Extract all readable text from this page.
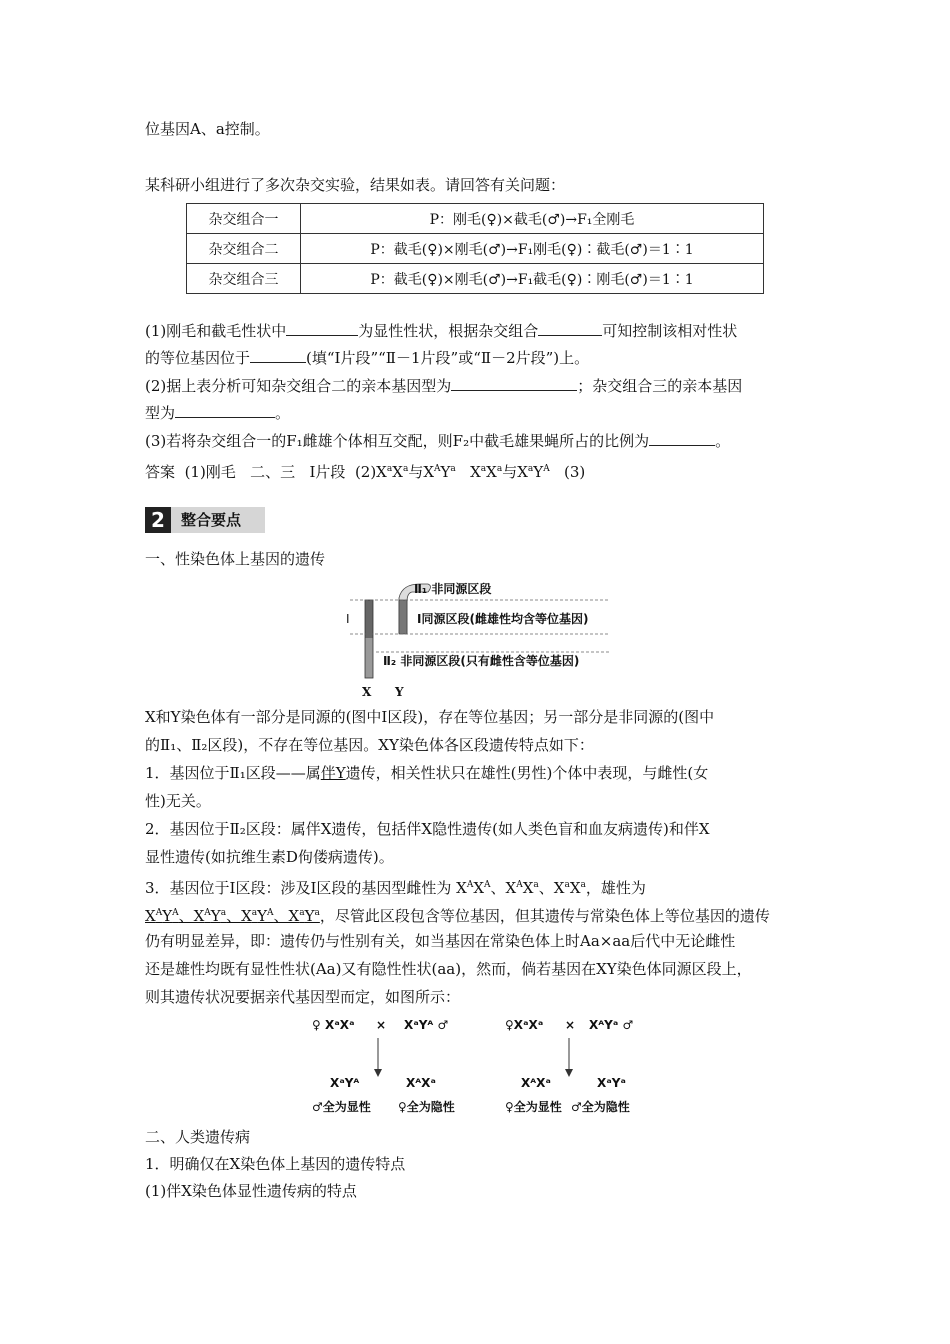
位基因A、a控制。
某科研小组进行了多次杂交实验，结果如表。请回答有关问题：
杂交组合一	P：刚毛(♀)×截毛(♂)→F₁全刚毛
杂交组合二	P：截毛(♀)×刚毛(♂)→F₁刚毛(♀)∶截毛(♂)＝1∶1
杂交组合三	P：截毛(♀)×刚毛(♂)→F₁截毛(♀)∶刚毛(♂)＝1∶1
(1)刚毛和截毛性状中	为显性性状，根据杂交组合	可知控制该相对性状
的等位基因位于	(填“Ⅰ片段”“Ⅱ－1片段”或“Ⅱ－2片段”)上。
(2)据上表分析可知杂交组合二的亲本基因型为	；杂交组合三的亲本基因
型为	。
(3)若将杂交组合一的F₁雌雄个体相互交配，则F₂中截毛雄果蝇所占的比例为	。
答案 (1)刚毛 二、三 Ⅰ片段 $(2)X^aX^a$与$X^AY^a$ $X^aX^a$与$X^aY^A$ (3)
2	整合要点
一、性染色体上基因的遗传
Ⅱ₁ 非同源区段
Ⅰ同源区段(雌雄性均含等位基因)
Ⅰ
Ⅱ₂ 非同源区段(只有雌性含等位基因)
X Y
X和Y染色体有一部分是同源的(图中Ⅰ区段)，存在等位基因；另一部分是非同源的(图中
的Ⅱ₁、Ⅱ₂区段)，不存在等位基因。XY染色体各区段遗传特点如下：
1．基因位于Ⅱ₁区段——属伴Y遗传，相关性状只在雄性(男性)个体中表现，与雌性(女
性)无关。
2．基因位于Ⅱ₂区段：属伴X遗传，包括伴X隐性遗传(如人类色盲和血友病遗传)和伴X
显性遗传(如抗维生素D佝偻病遗传)。
3．基因位于Ⅰ区段：涉及Ⅰ区段的基因型雌性为 $X^AX^A$、$X^AX^a$、$X^aX^a$，雄性为
$X^AY^A$、$X^AY^a$、$X^aY^A$、$X^aY^a$，尽管此区段包含等位基因，但其遗传与常染色体上等位基因的遗传
仍有明显差异，即：遗传仍与性别有关，如当基因在常染色体上时Aa×aa后代中无论雌性
还是雄性均既有显性性状(Aa)又有隐性性状(aa)，然而，倘若基因在XY染色体同源区段上，
则其遗传状况要据亲代基因型而定，如图所示：
♀ XᵃXᵃ × XᵃYᴬ ♂
XᵃYᴬ	XᴬXᵃ
♂全为显性 ♀全为隐性
♀XᵃXᵃ × XᴬYᵃ ♂
XᴬXᵃ	XᵃYᵃ
♀全为显性 ♂全为隐性
二、人类遗传病
1．明确仅在X染色体上基因的遗传特点
(1)伴X染色体显性遗传病的特点
